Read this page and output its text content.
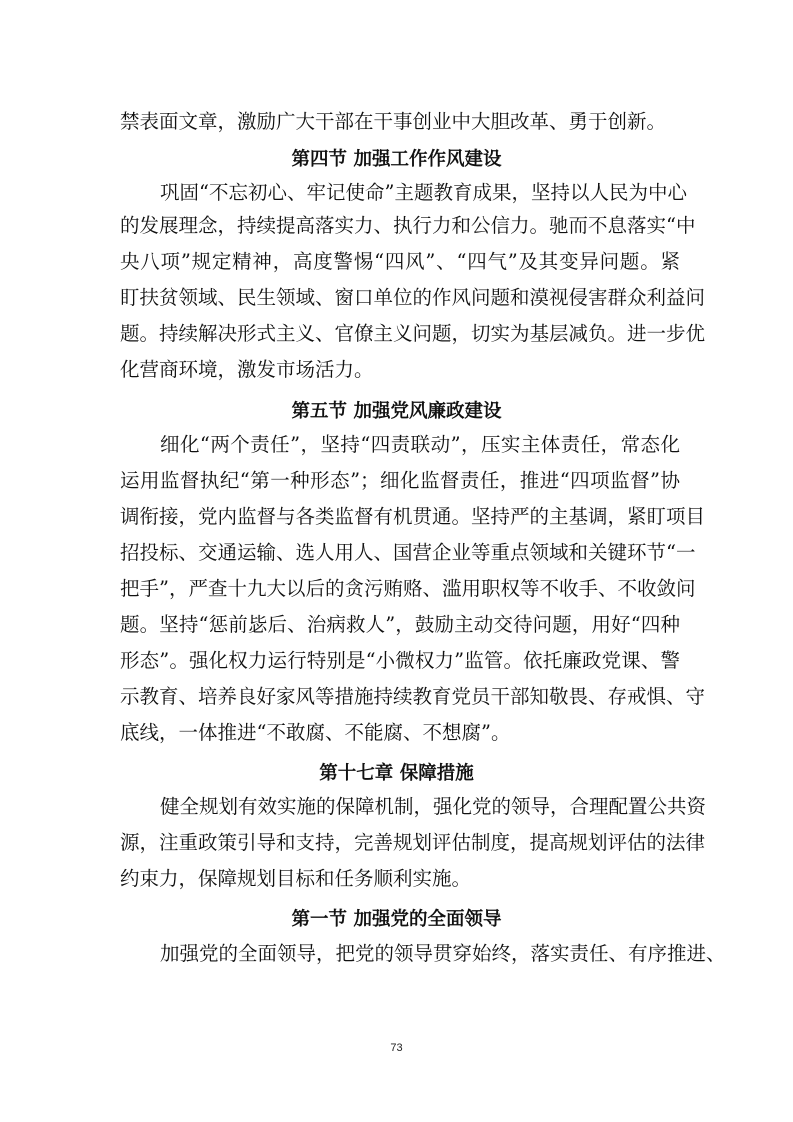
禁表面文章，激励广大干部在干事创业中大胆改革、勇于创新。
第四节 加强工作作风建设
巩固“不忘初心、牢记使命”主题教育成果，坚持以人民为中心
的发展理念，持续提高落实力、执行力和公信力。驰而不息落实“中
央八项”规定精神，高度警惕“四风”、“四气”及其变异问题。紧
盯扶贫领域、民生领域、窗口单位的作风问题和漠视侵害群众利益问
题。持续解决形式主义、官僚主义问题，切实为基层减负。进一步优
化营商环境，激发市场活力。
第五节 加强党风廉政建设
细化“两个责任”，坚持“四责联动”，压实主体责任，常态化
运用监督执纪“第一种形态”；细化监督责任，推进“四项监督”协
调衔接，党内监督与各类监督有机贯通。坚持严的主基调，紧盯项目
招投标、交通运输、选人用人、国营企业等重点领域和关键环节“一
把手”，严查十九大以后的贪污贿赂、滥用职权等不收手、不收敛问
题。坚持“惩前毖后、治病救人”，鼓励主动交待问题，用好“四种
形态”。强化权力运行特别是“小微权力”监管。依托廉政党课、警
示教育、培养良好家风等措施持续教育党员干部知敬畏、存戒惧、守
底线，一体推进“不敢腐、不能腐、不想腐”。
第十七章 保障措施
健全规划有效实施的保障机制，强化党的领导，合理配置公共资
源，注重政策引导和支持，完善规划评估制度，提高规划评估的法律
约束力，保障规划目标和任务顺利实施。
第一节 加强党的全面领导
加强党的全面领导，把党的领导贯穿始终，落实责任、有序推进、
73
